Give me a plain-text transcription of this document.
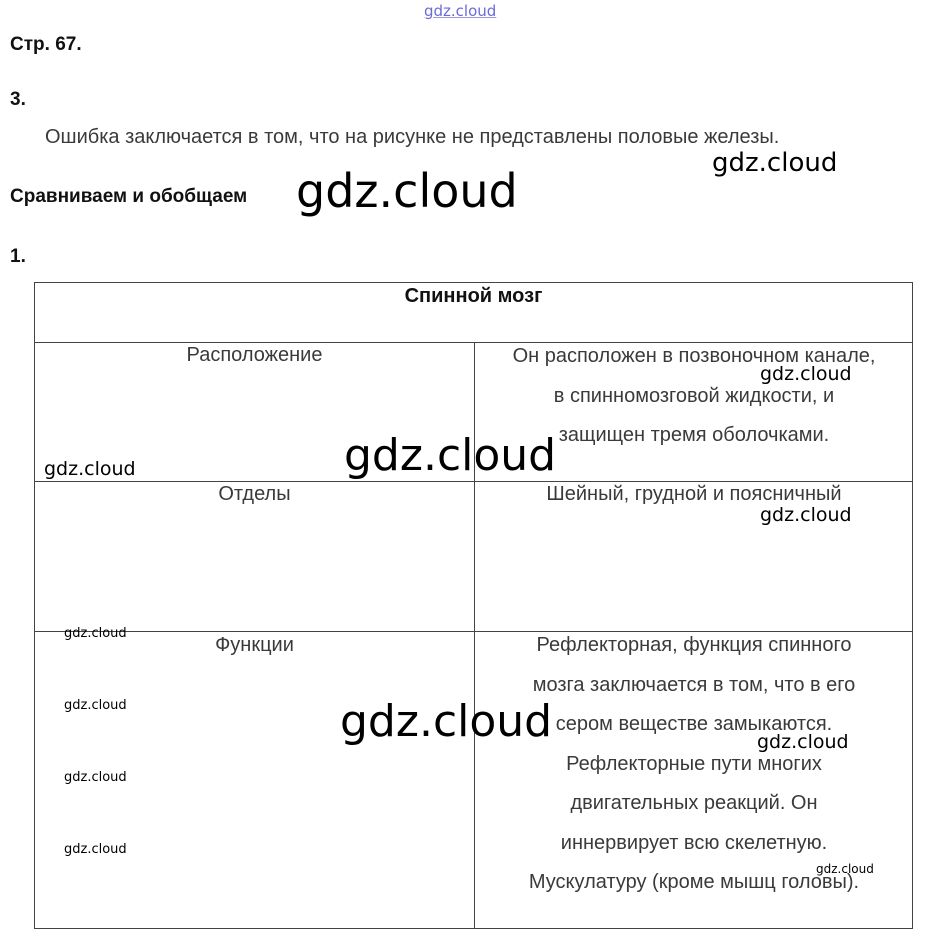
gdz.cloud
Стр. 67.
3.
Ошибка заключается в том, что на рисунке не представлены половые железы.
gdz.cloud
Сравниваем и обобщаем gdz.cloud
1.
Спинной мозг
Расположение	Он расположен в позвоночном канале,
в спинномозговой жидкости, и
защищен тремя оболочками.
Отделы	Шейный, грудной и поясничный
Функции	Рефлекторная, функция спинного
мозга заключается в том, что в его
сером веществе замыкаются.
Рефлекторные пути многих
двигательных реакций. Он
иннервирует всю скелетную.
Мускулатуру (кроме мышц головы).
gdz.cloud
gdz.cloud	gdz.cloud
gdz.cloud
gdz.cloud
gdz.cloud	gdz.cloud	gdz.cloud
gdz.cloud
gdz.cloud
gdz.cloud
